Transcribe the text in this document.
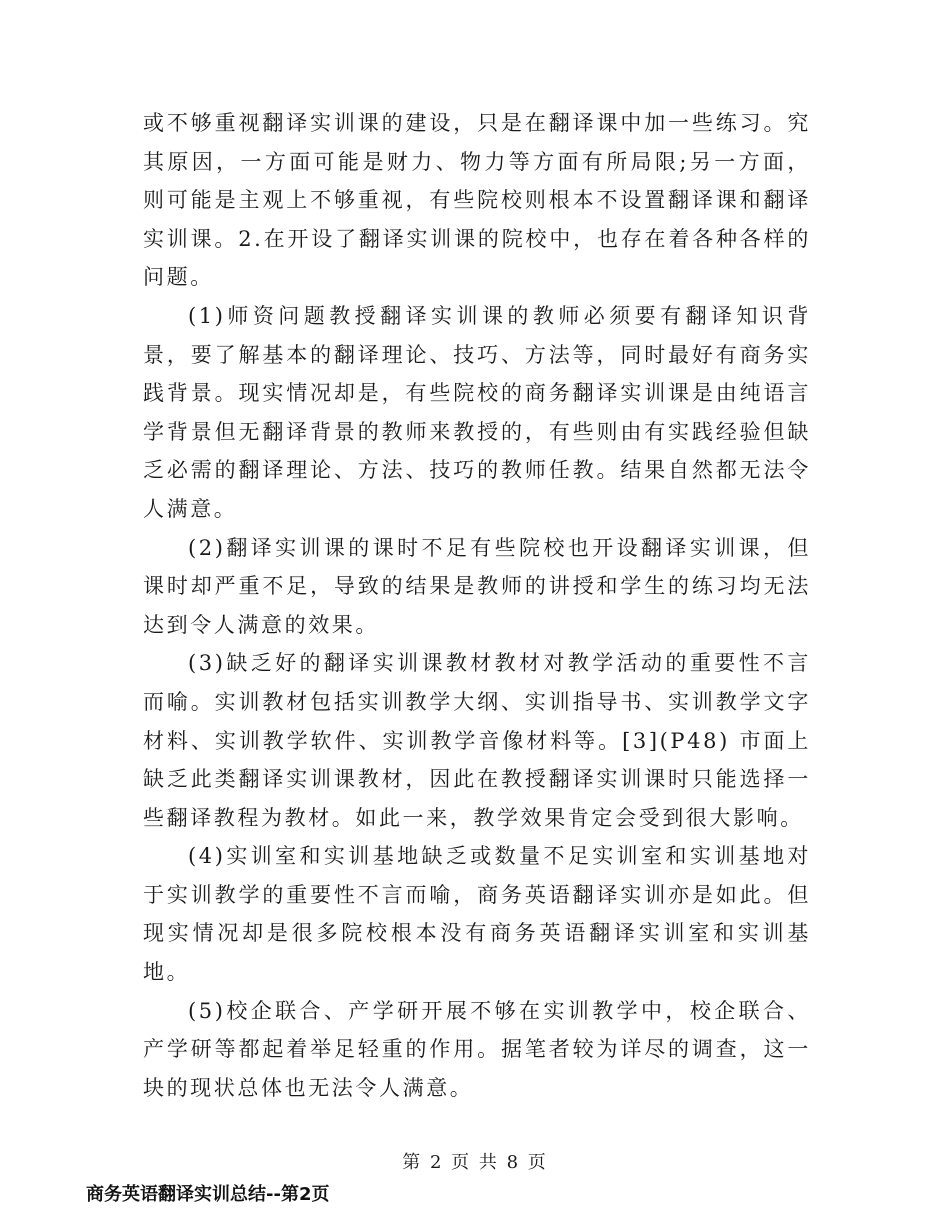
或不够重视翻译实训课的建设，只是在翻译课中加一些练习。究其原因，一方面可能是财力、物力等方面有所局限;另一方面，则可能是主观上不够重视，有些院校则根本不设置翻译课和翻译实训课。2.在开设了翻译实训课的院校中，也存在着各种各样的问题。

(1)师资问题教授翻译实训课的教师必须要有翻译知识背景，要了解基本的翻译理论、技巧、方法等，同时最好有商务实践背景。现实情况却是，有些院校的商务翻译实训课是由纯语言学背景但无翻译背景的教师来教授的，有些则由有实践经验但缺乏必需的翻译理论、方法、技巧的教师任教。结果自然都无法令人满意。

(2)翻译实训课的课时不足有些院校也开设翻译实训课，但课时却严重不足，导致的结果是教师的讲授和学生的练习均无法达到令人满意的效果。

(3)缺乏好的翻译实训课教材教材对教学活动的重要性不言而喻。实训教材包括实训教学大纲、实训指导书、实训教学文字材料、实训教学软件、实训教学音像材料等。[3](P48) 市面上缺乏此类翻译实训课教材，因此在教授翻译实训课时只能选择一些翻译教程为教材。如此一来，教学效果肯定会受到很大影响。

(4)实训室和实训基地缺乏或数量不足实训室和实训基地对于实训教学的重要性不言而喻，商务英语翻译实训亦是如此。但现实情况却是很多院校根本没有商务英语翻译实训室和实训基地。

(5)校企联合、产学研开展不够在实训教学中，校企联合、产学研等都起着举足轻重的作用。据笔者较为详尽的调查，这一块的现状总体也无法令人满意。

第 2 页 共 8 页
商务英语翻译实训总结--第2页
